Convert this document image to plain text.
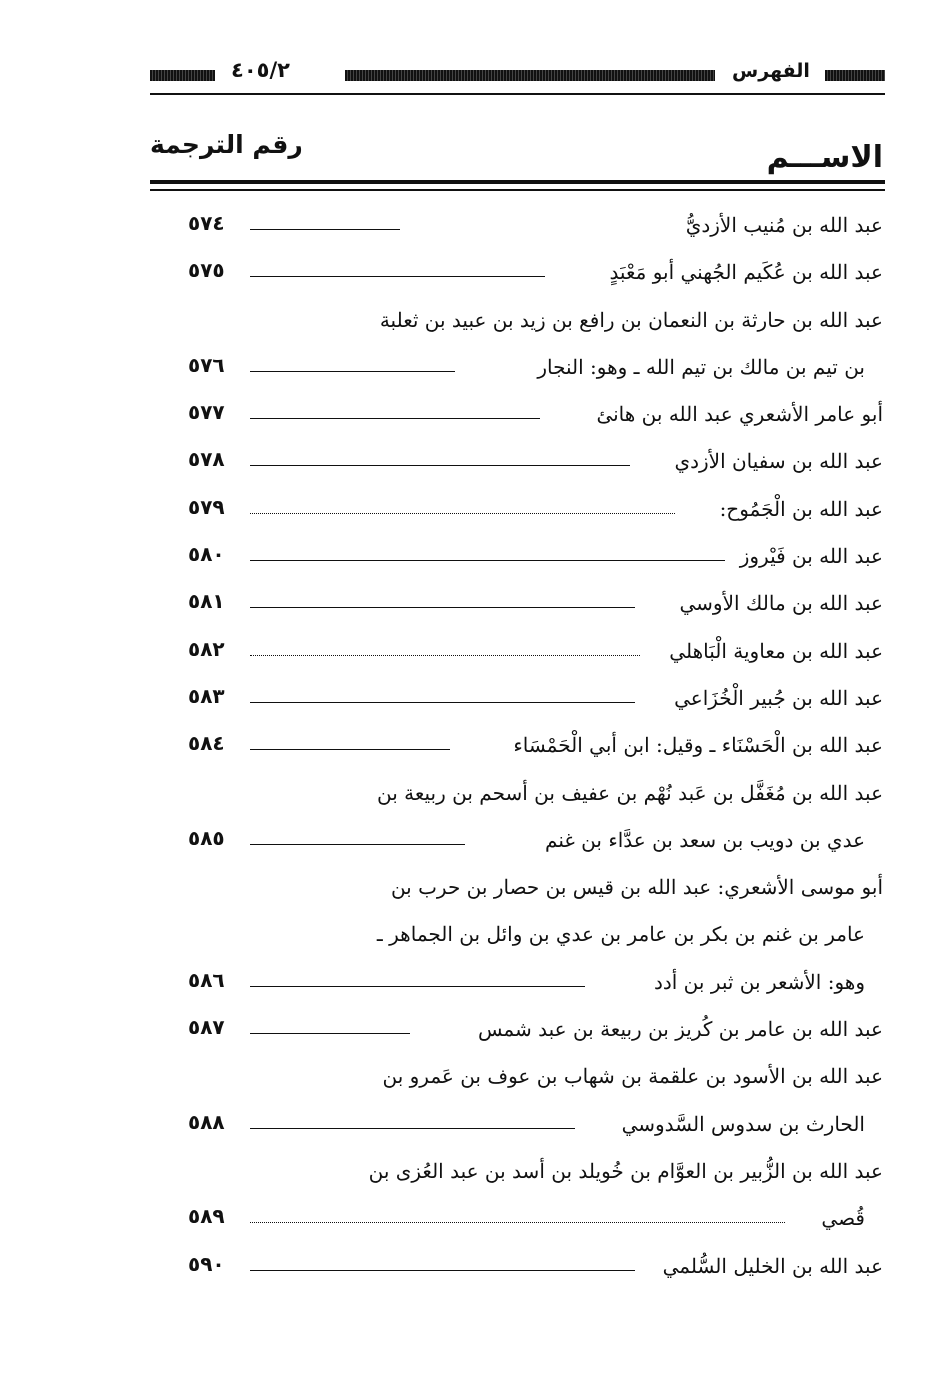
الفهرس
٤٠٥/٢
الاســـم
رقم الترجمة
عبد الله بن مُنيب الأزديُّ
٥٧٤
عبد الله بن عُكَيم الجُهني أبو مَعْبَدٍ
٥٧٥
عبد الله بن حارثة بن النعمان بن رافع بن زيد بن عبيد بن ثعلبة
بن تيم بن مالك بن تيم الله ـ وهو: النجار
٥٧٦
أبو عامر الأشعري عبد الله بن هانئ
٥٧٧
عبد الله بن سفيان الأزدي
٥٧٨
عبد الله بن الْجَمُوح:
٥٧٩
عبد الله بن فَيْروز
٥٨٠
عبد الله بن مالك الأوسي
٥٨١
عبد الله بن معاوية الْبَاهلي
٥٨٢
عبد الله بن جُبير الْخُزَاعي
٥٨٣
عبد الله بن الْحَسْنَاء ـ وقيل: ابن أبي الْحَمْسَاء
٥٨٤
عبد الله بن مُغَفَّل بن عَبد نُهْم بن عفيف بن أسحم بن ربيعة بن
عدي بن دويب بن سعد بن عدَّاء بن غنم
٥٨٥
أبو موسى الأشعري: عبد الله بن قيس بن حصار بن حرب بن
عامر بن غنم بن بكر بن عامر بن عدي بن وائل بن الجماهر ـ
وهو: الأشعر بن ثبر بن أدد
٥٨٦
عبد الله بن عامر بن كُريز بن ربيعة بن عبد شمس
٥٨٧
عبد الله بن الأسود بن علقمة بن شهاب بن عوف بن عَمرو بن
الحارث بن سدوس السَّدوسي
٥٨٨
عبد الله بن الزُّبير بن العوَّام بن خُويلد بن أسد بن عبد العُزى بن
قُصي
٥٨٩
عبد الله بن الخليل السُّلمي
٥٩٠
